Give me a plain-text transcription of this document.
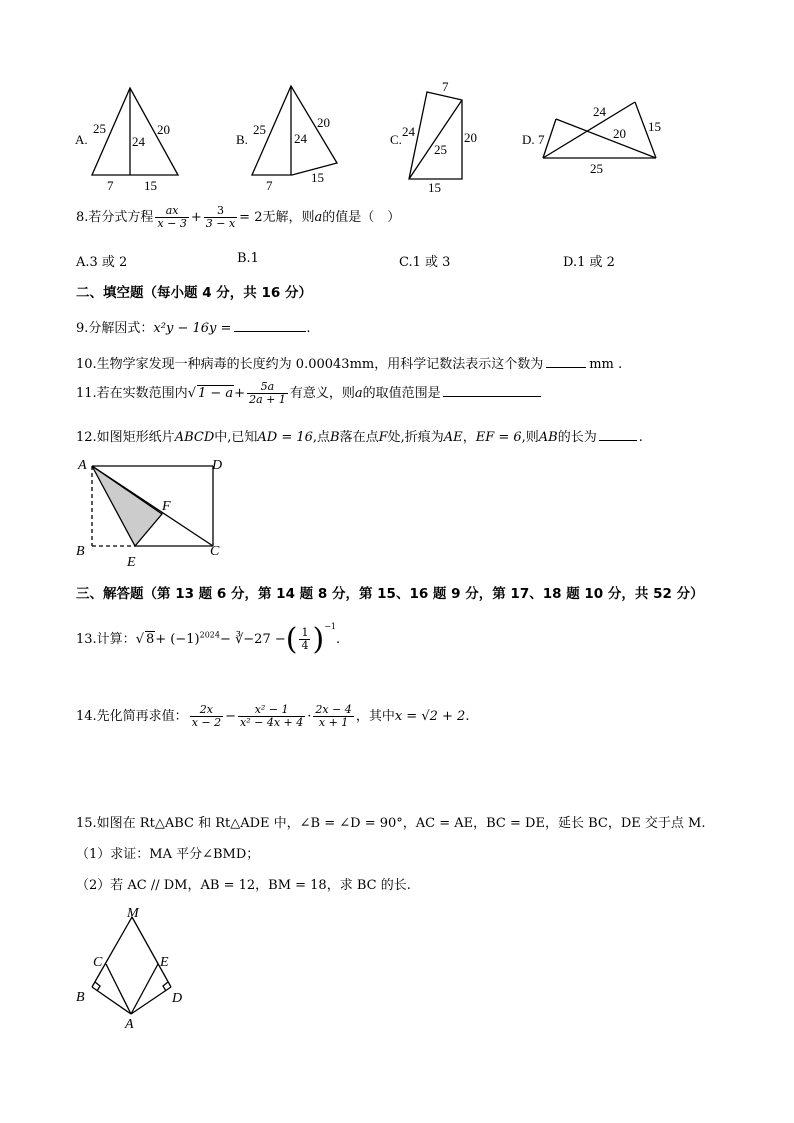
A.
25
24
20
7 15
B.
25
24
20
7
15
C.
7
24
25
20
15
D. 7
24
20 15
25
8.若分式方程 $\frac{ax}{x - 3} + \frac{3}{3 - x} = 2$无解，则a的值是（　）
A.3 或 2	B.1	C.1 或 3	D.1 或 2
二、填空题（每小题 4 分，共 16 分）
9.分解因式：x²y − 16y =	.
10.生物学家发现一种病毒的长度约为 0.00043mm，用科学记数法表示这个数为	mm .
11.若在实数范围内√ $1 - a+ \frac{5a}{2a + 1}$ 有意义，则a的取值范围是
12.如图矩形纸片ABCD中,已知AD = 16,点B落在点F处,折痕为AE，EF = 6,则AB的长为	.
A	D
F
B
E
C
三、解答题（第 13 题 6 分，第 14 题 8 分，第 15、16 题 9 分，第 17、18 题 10 分，共 52 分）
13.计算：√ $8+ (-1)^{2024}-$ ∛−27 −( $\frac{1}{4} )^{-1}$.
14.先化简再求值： $\frac{2x}{x - 2} - \frac{\text{x² − 1}}{\text{x² − 4x + 4}} \cdot \frac{2x - 4}{x + 1}$ ，其中x = √2 + 2.
15.如图在 Rt△ABC 和 Rt△ADE 中，∠B = ∠D = 90°，AC = AE，BC = DE，延长 BC，DE 交于点 M.
（1）求证：MA 平分∠BMD；
（2）若 AC // DM，AB = 12，BM = 18，求 BC 的长.
M
C	E
B	D
A
